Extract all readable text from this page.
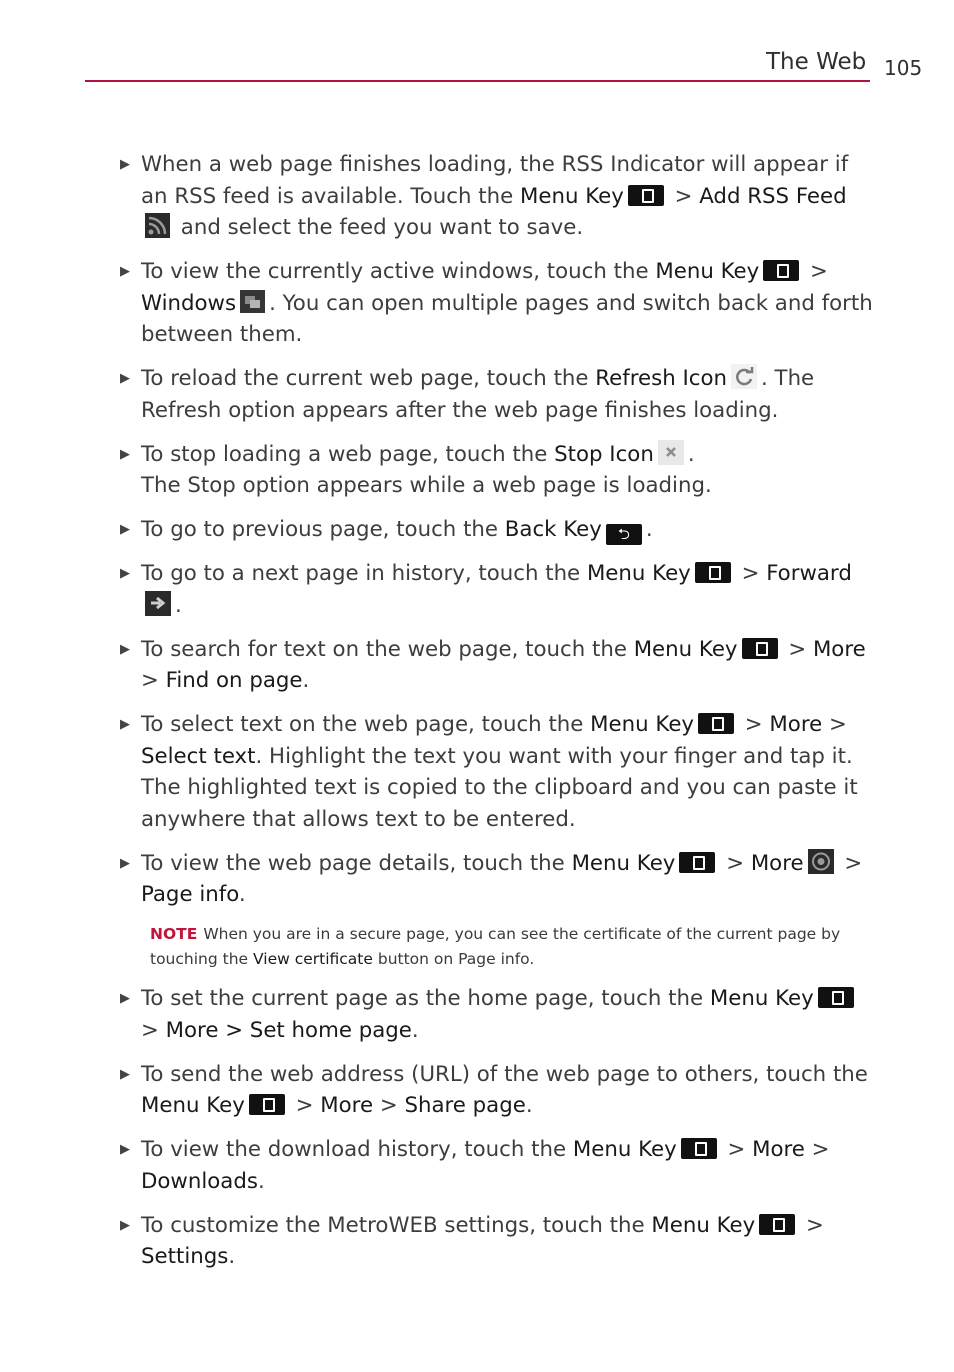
The Web 105
▶ When a web page finishes loading, the RSS Indicator will appear if an RSS feed is available. Touch the Menu Key > Add RSS Feed and select the feed you want to save.
▶ To view the currently active windows, touch the Menu Key > Windows . You can open multiple pages and switch back and forth between them.
▶ To reload the current web page, touch the Refresh Icon . The Refresh option appears after the web page finishes loading.
▶ To stop loading a web page, touch the Stop Icon .
The Stop option appears while a web page is loading.
▶ To go to previous page, touch the Back Key ⮌ .
▶ To go to a next page in history, touch the Menu Key > Forward.
▶ To search for text on the web page, touch the Menu Key > More > Find on page.
▶ To select text on the web page, touch the Menu Key > More > Select text. Highlight the text you want with your finger and tap it. The highlighted text is copied to the clipboard and you can paste it anywhere that allows text to be entered.
▶ To view the web page details, touch the Menu Key > More > Page info.
NOTE When you are in a secure page, you can see the certificate of the current page by touching the View certificate button on Page info.
▶ To set the current page as the home page, touch the Menu Key > More > Set home page.
▶ To send the web address (URL) of the web page to others, touch the Menu Key > More > Share page.
▶ To view the download history, touch the Menu Key > More > Downloads.
▶ To customize the MetroWEB settings, touch the Menu Key > Settings.
